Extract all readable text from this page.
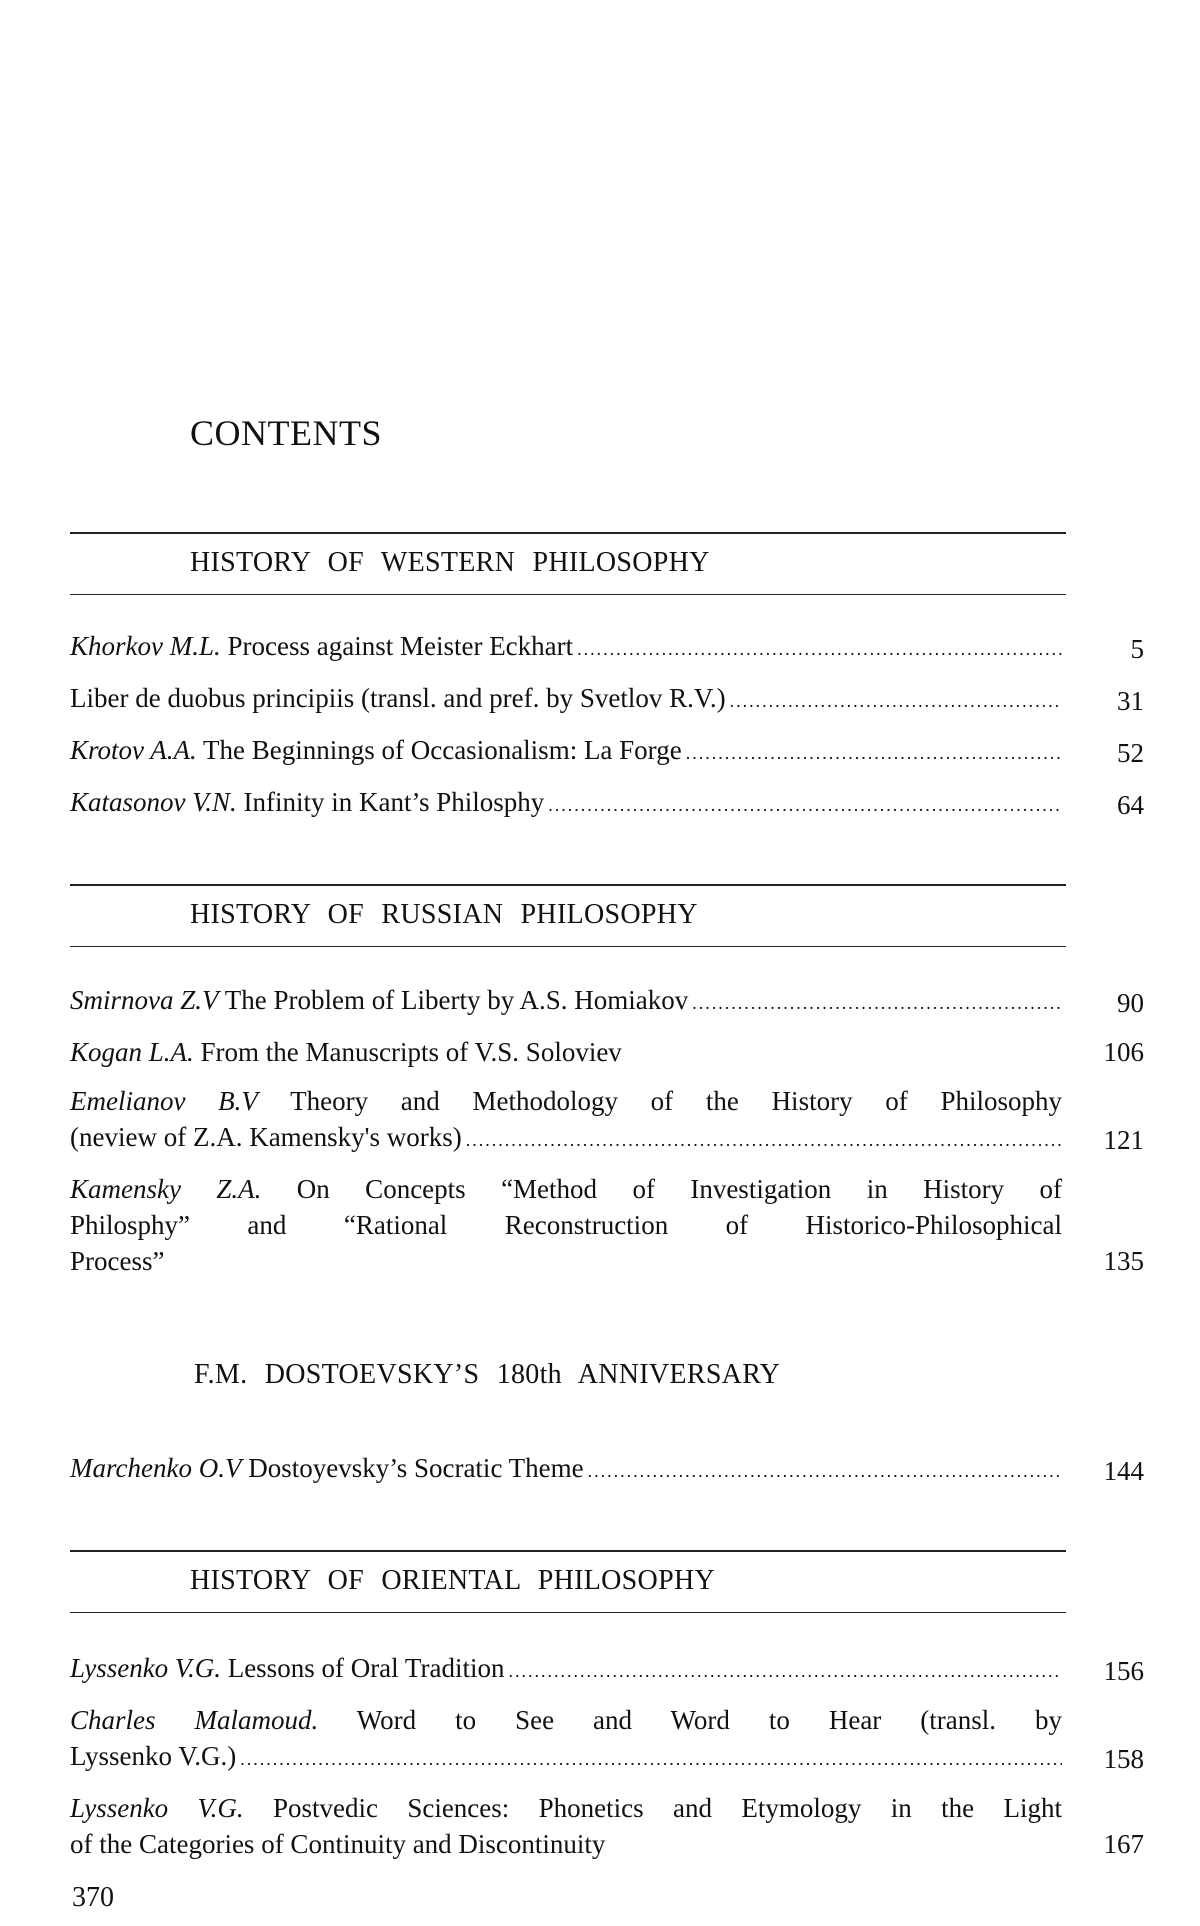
CONTENTS
HISTORY OF WESTERN PHILOSOPHY
Khorkov M.L. Process against Meister Eckhart .....	5
Liber de duobus principiis (transl. and pref. by Svetlov R.V.) .....	31
Krotov A.A. The Beginnings of Occasionalism: La Forge .....	52
Katasonov V.N. Infinity in Kant’s Philosphy .....	64
HISTORY OF RUSSIAN PHILOSOPHY
Smirnova Z.V The Problem of Liberty by A.S. Homiakov .....	90
Kogan L.A. From the Manuscripts of V.S. Soloviev	106
Emelianov B.V Theory and Methodology of the History of Philosophy
(neview of Z.A. Kamensky's works) .....	121
Kamensky Z.A. On Concepts “Method of Investigation in History of
Philosphy” and “Rational Reconstruction of Historico-Philosophical
Process”	135
F.M. DOSTOEVSKY’S 180th ANNIVERSARY
Marchenko O.V Dostoyevsky’s Socratic Theme .....	144
HISTORY OF ORIENTAL PHILOSOPHY
Lyssenko V.G. Lessons of Oral Tradition .....	156
Charles Malamoud. Word to See and Word to Hear (transl. by
Lyssenko V.G.) .....	158
Lyssenko V.G. Postvedic Sciences: Phonetics and Etymology in the Light
of the Categories of Continuity and Discontinuity	167
370
